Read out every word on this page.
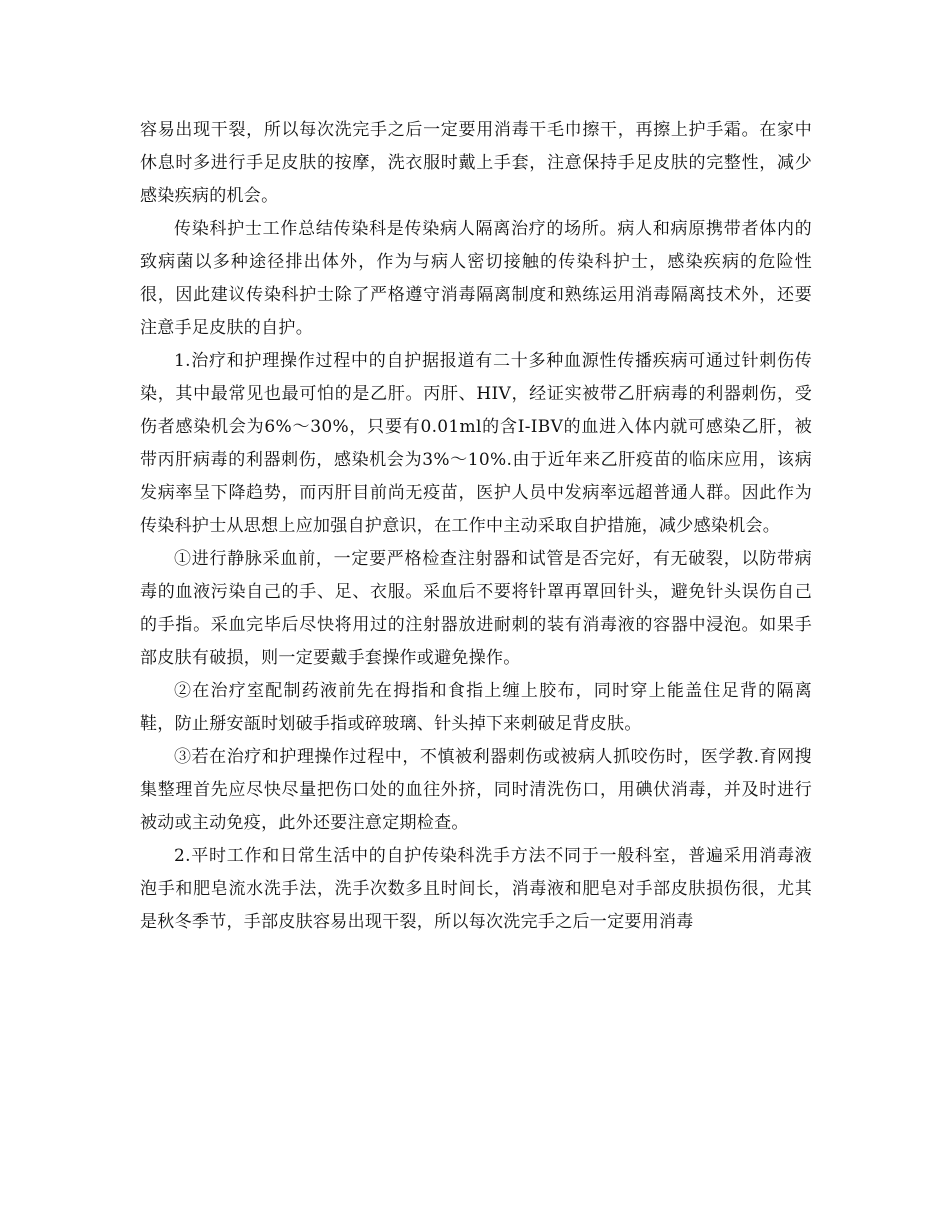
容易出现干裂，所以每次洗完手之后一定要用消毒干毛巾擦干，再擦上护手霜。在家中休息时多进行手足皮肤的按摩，洗衣服时戴上手套，注意保持手足皮肤的完整性，减少感染疾病的机会。

传染科护士工作总结传染科是传染病人隔离治疗的场所。病人和病原携带者体内的致病菌以多种途径排出体外，作为与病人密切接触的传染科护士，感染疾病的危险性很，因此建议传染科护士除了严格遵守消毒隔离制度和熟练运用消毒隔离技术外，还要注意手足皮肤的自护。

1.治疗和护理操作过程中的自护据报道有二十多种血源性传播疾病可通过针刺伤传染，其中最常见也最可怕的是乙肝。丙肝、HIV，经证实被带乙肝病毒的利器刺伤，受伤者感染机会为6%～30%，只要有0.01ml的含I-IBV的血进入体内就可感染乙肝，被带丙肝病毒的利器刺伤，感染机会为3%～10%.由于近年来乙肝疫苗的临床应用，该病发病率呈下降趋势，而丙肝目前尚无疫苗，医护人员中发病率远超普通人群。因此作为传染科护士从思想上应加强自护意识，在工作中主动采取自护措施，减少感染机会。

①进行静脉采血前，一定要严格检查注射器和试管是否完好，有无破裂，以防带病毒的血液污染自己的手、足、衣服。采血后不要将针罩再罩回针头，避免针头误伤自己的手指。采血完毕后尽快将用过的注射器放进耐刺的装有消毒液的容器中浸泡。如果手部皮肤有破损，则一定要戴手套操作或避免操作。

②在治疗室配制药液前先在拇指和食指上缠上胶布，同时穿上能盖住足背的隔离鞋，防止掰安瓿时划破手指或碎玻璃、针头掉下来刺破足背皮肤。

③若在治疗和护理操作过程中，不慎被利器刺伤或被病人抓咬伤时，医学教.育网搜集整理首先应尽快尽量把伤口处的血往外挤，同时清洗伤口，用碘伏消毒，并及时进行被动或主动免疫，此外还要注意定期检查。

2.平时工作和日常生活中的自护传染科洗手方法不同于一般科室，普遍采用消毒液泡手和肥皂流水洗手法，洗手次数多且时间长，消毒液和肥皂对手部皮肤损伤很，尤其是秋冬季节，手部皮肤容易出现干裂，所以每次洗完手之后一定要用消毒
